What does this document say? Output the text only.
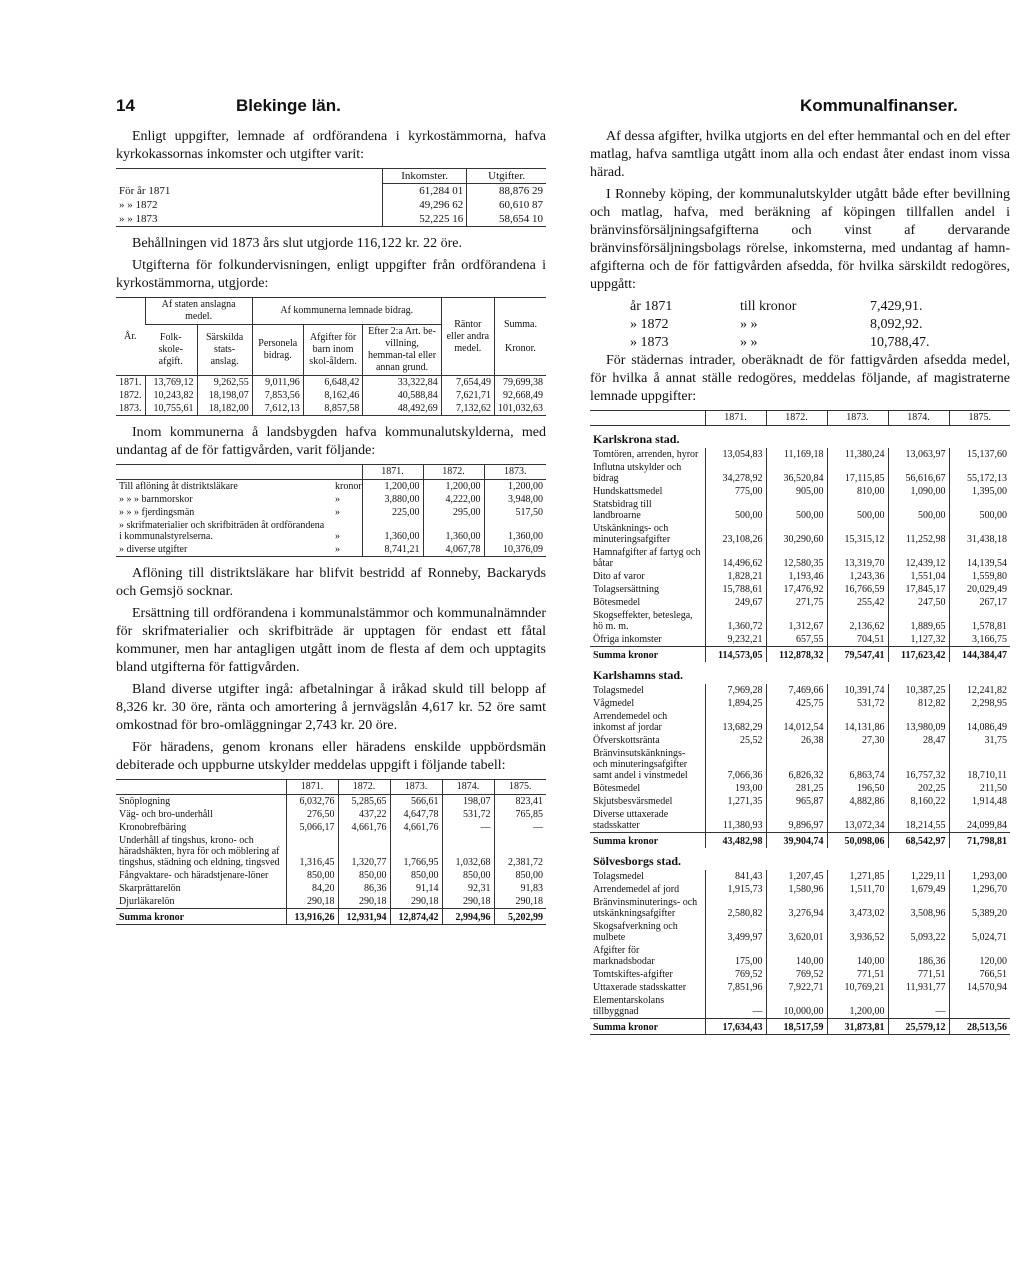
14	Blekinge län.	Kommunalfinanser.

Enligt uppgifter, lemnade af ordförandena i kyrkostämmorna, hafva kyrkokassornas inkomster och utgifter varit:

	Inkomster.	Utgifter.
För år 1871	61,284 01	88,876 29
» » 1872	49,296 62	60,610 87
» » 1873	52,225 16	58,654 10

Behållningen vid 1873 års slut utgjorde 116,122 kr. 22 öre.

Utgifterna för folkundervisningen, enligt uppgifter från ordförandena i kyrkostämmorna, utgjorde:

År.	Af staten anslagna medel.		Af kommunerna lemnade bidrag.			Räntor eller andra medel.	Summa.

Kronor.
	Folk-skole-afgift.	Särskilda stats-anslag.	Personela bidrag.	Afgifter för barn inom skol-åldern.	Efter 2:a Art. be-villning, hemman-tal eller annan grund.		
1871.	13,769,12	9,262,55	9,011,96	6,648,42	33,322,84	7,654,49	79,699,38
1872.	10,243,82	18,198,07	7,853,56	8,162,46	40,588,84	7,621,71	92,668,49
1873.	10,755,61	18,182,00	7,612,13	8,857,58	48,492,69	7,132,62	101,032,63

Inom kommunerna å landsbygden hafva kommunalutskylderna, med undantag af de för fattigvården, varit följande:

		1871.	1872.	1873.
Till aflöning åt distriktsläkare	kronor	1,200,00	1,200,00	1,200,00
» » » barnmorskor	»	3,880,00	4,222,00	3,948,00
» » » fjerdingsmän	»	225,00	295,00	517,50
» skrifmaterialier och skrifbiträden åt ordförandena i kommunalstyrelserna.	»	1,360,00	1,360,00	1,360,00
» diverse utgifter	»	8,741,21	4,067,78	10,376,09

Aflöning till distriktsläkare har blifvit bestridd af Ronneby, Backaryds och Gemsjö socknar.

Ersättning till ordförandena i kommunalstämmor och kommunalnämnder för skrifmaterialier och skrifbiträde är upptagen för endast ett fåtal kommuner, men har antagligen utgått inom de flesta af dem och upptagits bland utgifterna för fattigvården.

Bland diverse utgifter ingå: afbetalningar å iråkad skuld till belopp af 8,326 kr. 30 öre, ränta och amortering å jernvägslån 4,617 kr. 52 öre samt omkostnad för bro-omläggningar 2,743 kr. 20 öre.

För häradens, genom kronans eller häradens enskilde uppbördsmän debiterade och uppburne utskylder meddelas uppgift i följande tabell:

	1871.	1872.	1873.	1874.	1875.
Snöplogning	6,032,76	5,285,65	566,61	198,07	823,41
Väg- och bro-underhåll	276,50	437,22	4,647,78	531,72	765,85
Kronobrefbäring	5,066,17	4,661,76	4,661,76	—	—
Underhåll af tingshus, krono- och häradshäkten, hyra för och möblering af tingshus, städning och eldning, tingsved	1,316,45	1,320,77	1,766,95	1,032,68	2,381,72
Fångvaktare- och häradstjenare-löner	850,00	850,00	850,00	850,00	850,00
Skarprättarelön	84,20	86,36	91,14	92,31	91,83
Djurläkarelön	290,18	290,18	290,18	290,18	290,18
Summa kronor	13,916,26	12,931,94	12,874,42	2,994,96	5,202,99

Af dessa afgifter, hvilka utgjorts en del efter hemmantal och en del efter matlag, hafva samtliga utgått inom alla och endast åter endast inom vissa härad.

I Ronneby köping, der kommunalutskylder utgått både efter bevillning och matlag, hafva, med beräkning af köpingen tillfallen andel i bränvinsförsäljningsafgifterna och vinst af dervarande bränvinsförsäljningsbolags rörelse, inkomsterna, med undantag af hamn-afgifterna och de för fattigvården afsedda, för hvilka särskildt redogöres, uppgått:

år 1871	till kronor	7,429,91.
» 1872	» »	8,092,92.
» 1873	» »	10,788,47.

För städernas intrader, oberäknadt de för fattigvården afsedda medel, för hvilka å annat ställe redogöres, meddelas följande, af magistraterne lemnade uppgifter:

	1871.	1872.	1873.	1874.	1875.
Karlskrona stad.					
Tomtören, arrenden, hyror	13,054,83	11,169,18	11,380,24	13,063,97	15,137,60
Influtna utskylder och bidrag	34,278,92	36,520,84	17,115,85	56,616,67	55,172,13
Hundskattsmedel	775,00	905,00	810,00	1,090,00	1,395,00
Statsbidrag till landbroarne	500,00	500,00	500,00	500,00	500,00
Utskänknings- och minuteringsafgifter	23,108,26	30,290,60	15,315,12	11,252,98	31,438,18
Hamnafgifter af fartyg och båtar	14,496,62	12,580,35	13,319,70	12,439,12	14,139,54
Dito af varor	1,828,21	1,193,46	1,243,36	1,551,04	1,559,80
Tolagsersättning	15,788,61	17,476,92	16,766,59	17,845,17	20,029,49
Bötesmedel	249,67	271,75	255,42	247,50	267,17
Skogseffekter, beteslega, hö m. m.	1,360,72	1,312,67	2,136,62	1,889,65	1,578,81
Öfriga inkomster	9,232,21	657,55	704,51	1,127,32	3,166,75
Summa kronor	114,573,05	112,878,32	79,547,41	117,623,42	144,384,47
Karlshamns stad.					
Tolagsmedel	7,969,28	7,469,66	10,391,74	10,387,25	12,241,82
Vågmedel	1,894,25	425,75	531,72	812,82	2,298,95
Arrendemedel och inkomst af jordar	13,682,29	14,012,54	14,131,86	13,980,09	14,086,49
Öfverskottsränta	25,52	26,38	27,30	28,47	31,75
Bränvinsutskänknings- och minuteringsafgifter samt andel i vinstmedel	7,066,36	6,826,32	6,863,74	16,757,32	18,710,11
Bötesmedel	193,00	281,25	196,50	202,25	211,50
Skjutsbesvärsmedel	1,271,35	965,87	4,882,86	8,160,22	1,914,48
Diverse uttaxerade stadsskatter	11,380,93	9,896,97	13,072,34	18,214,55	24,099,84
Summa kronor	43,482,98	39,904,74	50,098,06	68,542,97	71,798,81
Sölvesborgs stad.					
Tolagsmedel	841,43	1,207,45	1,271,85	1,229,11	1,293,00
Arrendemedel af jord	1,915,73	1,580,96	1,511,70	1,679,49	1,296,70
Bränvinsminuterings- och utskänkningsafgifter	2,580,82	3,276,94	3,473,02	3,508,96	5,389,20
Skogsafverkning och mulbete	3,499,97	3,620,01	3,936,52	5,093,22	5,024,71
Afgifter för marknadsbodar	175,00	140,00	140,00	186,36	120,00
Tomtskiftes-afgifter	769,52	769,52	771,51	771,51	766,51
Uttaxerade stadsskatter	7,851,96	7,922,71	10,769,21	11,931,77	14,570,94
Elementarskolans tillbyggnad	—	10,000,00	1,200,00	—	
Summa kronor	17,634,43	18,517,59	31,873,81	25,579,12	28,513,56
